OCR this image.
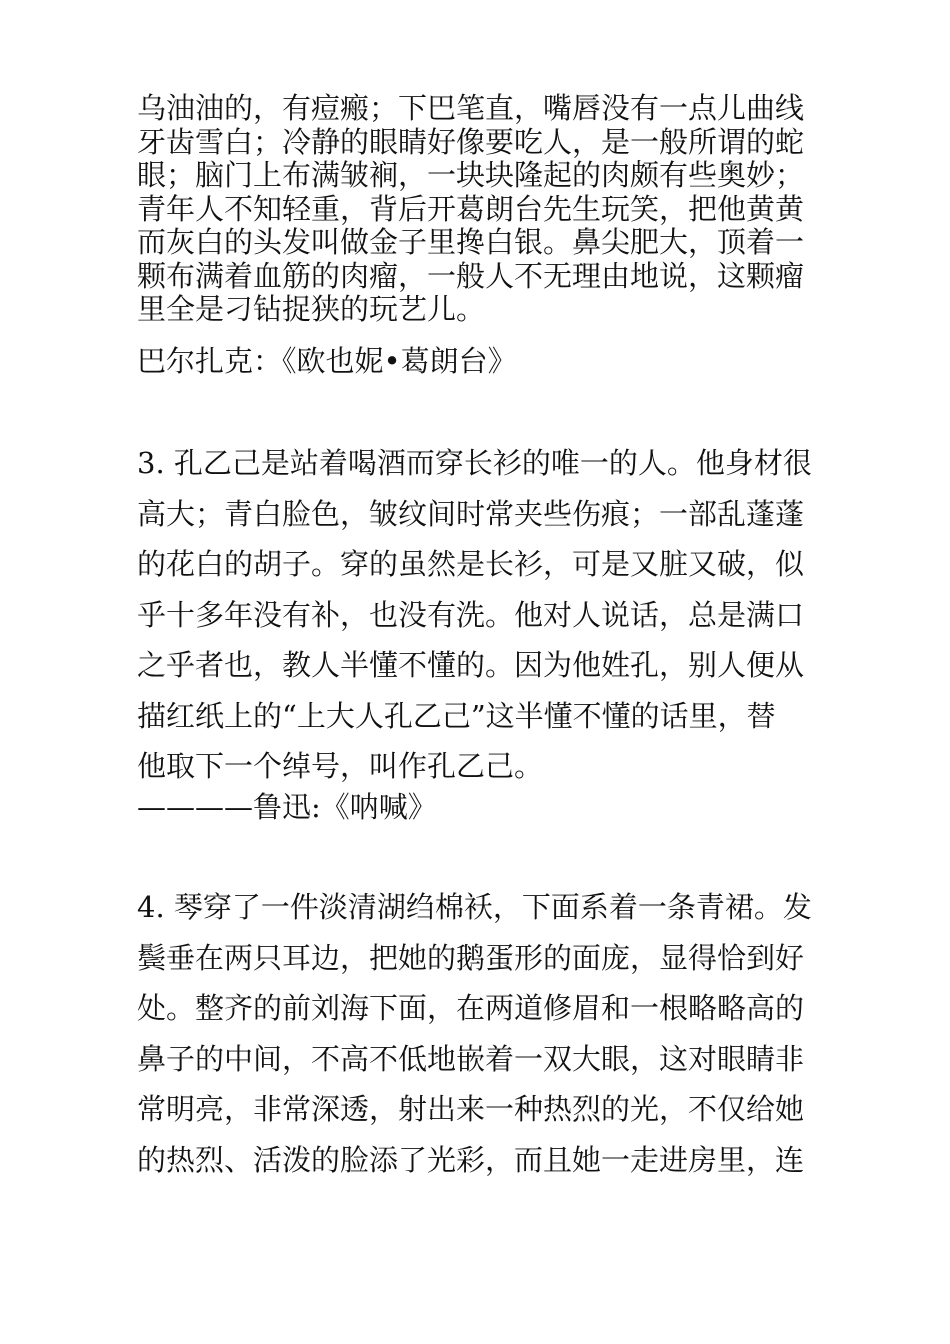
乌油油的，有痘瘢；下巴笔直，嘴唇没有一点儿曲线
牙齿雪白；冷静的眼睛好像要吃人，是一般所谓的蛇
眼；脑门上布满皱裥，一块块隆起的肉颇有些奥妙；
青年人不知轻重，背后开葛朗台先生玩笑，把他黄黄
而灰白的头发叫做金子里搀白银。鼻尖肥大，顶着一
颗布满着血筋的肉瘤，一般人不无理由地说，这颗瘤
里全是刁钻捉狭的玩艺儿。

巴尔扎克：《欧也妮•葛朗台》

3. 孔乙己是站着喝酒而穿长衫的唯一的人。他身材很
高大；青白脸色，皱纹间时常夹些伤痕；一部乱蓬蓬
的花白的胡子。穿的虽然是长衫，可是又脏又破，似
乎十多年没有补，也没有洗。他对人说话，总是满口
之乎者也，教人半懂不懂的。因为他姓孔，别人便从
描红纸上的“上大人孔乙己”这半懂不懂的话里，替
他取下一个绰号，叫作孔乙己。

————鲁迅:《呐喊》

4. 琴穿了一件淡清湖绉棉袄，下面系着一条青裙。发
鬓垂在两只耳边，把她的鹅蛋形的面庞，显得恰到好
处。整齐的前刘海下面，在两道修眉和一根略略高的
鼻子的中间，不高不低地嵌着一双大眼，这对眼睛非
常明亮，非常深透，射出来一种热烈的光，不仅给她
的热烈、活泼的脸添了光彩，而且她一走进房里，连
